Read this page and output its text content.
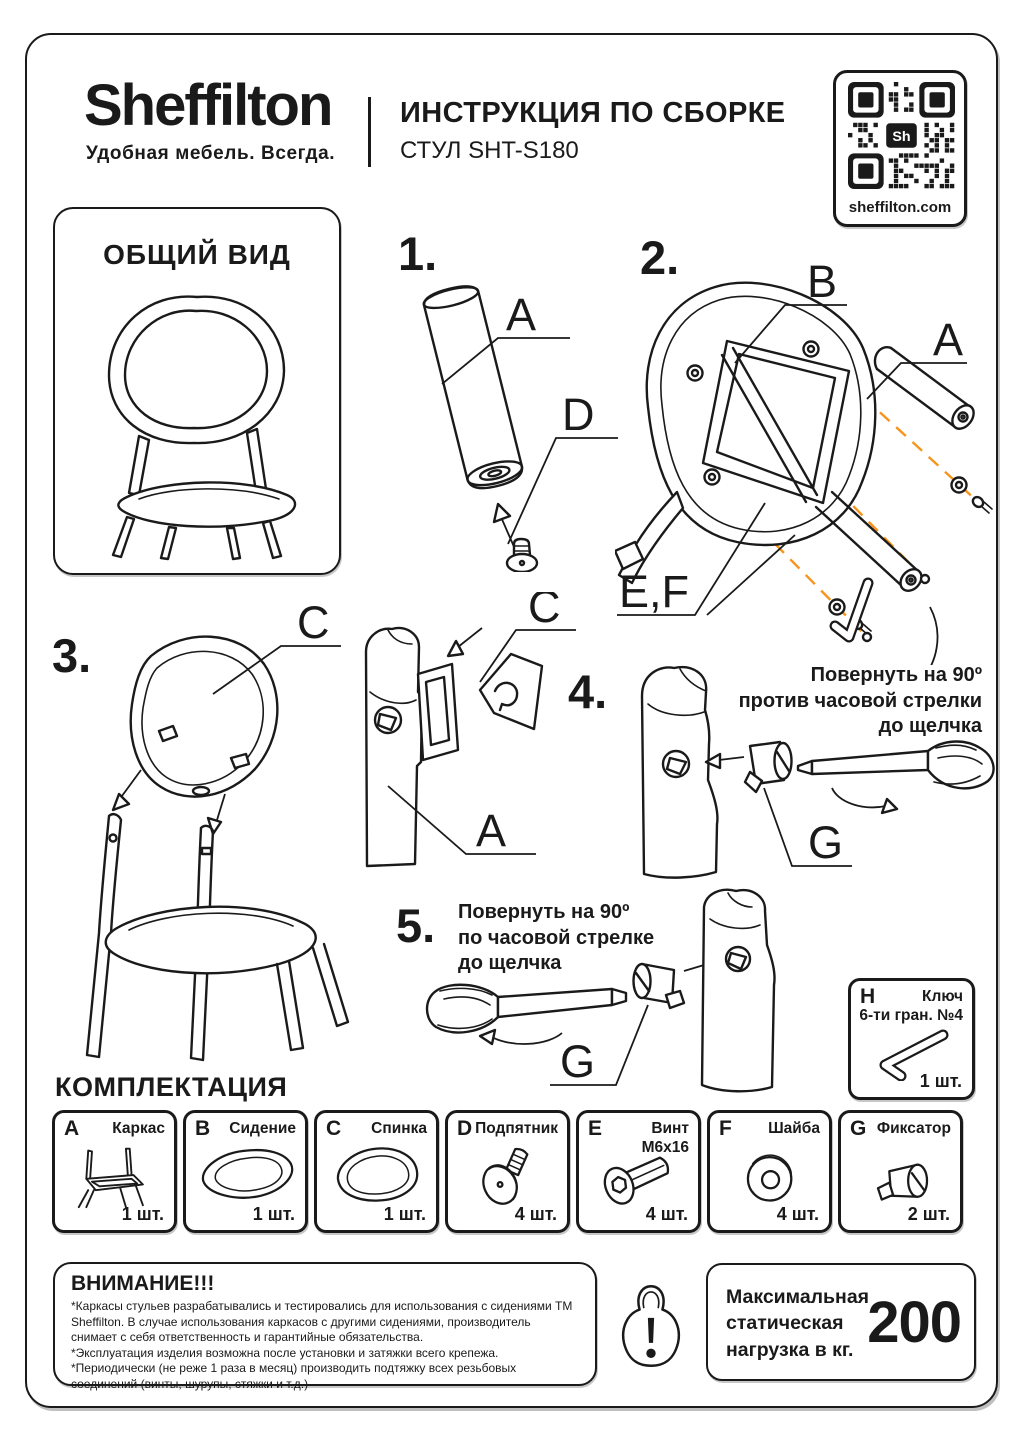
Sheffilton
Удобная мебель. Всегда.
ИНСТРУКЦИЯ ПО СБОРКЕ
СТУЛ SHT-S180	Sh
sheffilton.com
ОБЩИЙ ВИД	1.
A
D
2.	B
A
E,F
3.
C	C
A
4.	Повернуть на 90º
против часовой стрелки
до щелчка
G
5. Повернуть на 90º
по часовой стрелке
до щелчка
G
H	Ключ
6-ти гран. №4
1 шт.
КОМПЛЕКТАЦИЯ
A Каркас
1 шт.
B Сидение
1 шт.
C Спинка
1 шт.
D Подпятник
4 шт.
E	Винт
М6х16
4 шт.
F Шайба
4 шт.
G Фиксатор
2 шт.
ВНИМАНИЕ!!!

*Каркасы стульев разрабатывались и тестировались для использования с сидениями ТМ Sheffilton. В случае использования каркасов с другими сидениями, производитель снимает с себя ответственность и гарантийные обязательства.

*Эксплуатация изделия возможна после установки и затяжки всего крепежа.

*Периодически (не реже 1 раза в месяц) производить подтяжку всех резьбовых соединений (винты, шурупы, стяжки и т.д.)

Максимальная
статическая
нагрузка в кг. 200
